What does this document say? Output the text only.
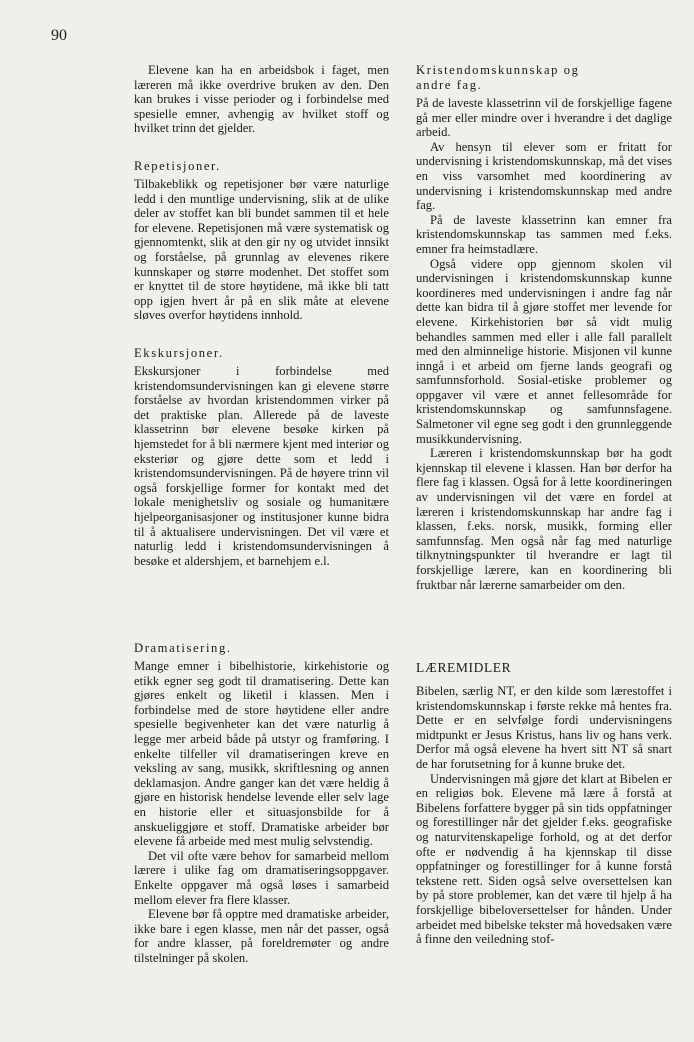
90

Elevene kan ha en arbeidsbok i faget, men læreren må ikke overdrive bruken av den. Den kan brukes i visse perioder og i forbindelse med spesielle emner, avhengig av hvilket stoff og hvilket trinn det gjelder.

Repetisjoner.

Tilbakeblikk og repetisjoner bør være naturlige ledd i den muntlige undervisning, slik at de ulike deler av stoffet kan bli bundet sammen til et hele for elevene. Repetisjonen må være systematisk og gjennomtenkt, slik at den gir ny og utvidet innsikt og forståelse, på grunnlag av elevenes rikere kunnskaper og større modenhet. Det stoffet som er knyttet til de store høytidene, må ikke bli tatt opp igjen hvert år på en slik måte at elevene sløves overfor høytidens innhold.

Ekskursjoner.

Ekskursjoner i forbindelse med kristendomsundervisningen kan gi elevene større forståelse av hvordan kristendommen virker på det praktiske plan. Allerede på de laveste klassetrinn bør elevene besøke kirken på hjemstedet for å bli nærmere kjent med interiør og eksteriør og gjøre dette som et ledd i kristendomsundervisningen. På de høyere trinn vil også forskjellige former for kontakt med det lokale menighetsliv og sosiale og humanitære hjelpeorganisasjoner og institusjoner kunne bidra til å aktualisere undervisningen. Det vil være et naturlig ledd i kristendomsundervisningen å besøke et aldershjem, et barnehjem e.l.

Dramatisering.

Mange emner i bibelhistorie, kirkehistorie og etikk egner seg godt til dramatisering. Dette kan gjøres enkelt og liketil i klassen. Men i forbindelse med de store høytidene eller andre spesielle begivenheter kan det være naturlig å legge mer arbeid både på utstyr og framføring. I enkelte tilfeller vil dramatiseringen kreve en veksling av sang, musikk, skriftlesning og annen deklamasjon. Andre ganger kan det være heldig å gjøre en historisk hendelse levende eller selv lage en historie eller et situasjonsbilde for å anskueliggjøre et stoff. Dramatiske arbeider bør elevene få arbeide med mest mulig selvstendig.

Det vil ofte være behov for samarbeid mellom lærere i ulike fag om dramatiseringsoppgaver. Enkelte oppgaver må også løses i samarbeid mellom elever fra flere klasser.

Elevene bør få opptre med dramatiske arbeider, ikke bare i egen klasse, men når det passer, også for andre klasser, på foreldremøter og andre tilstelninger på skolen.

Kristendomskunnskap og
andre fag.

På de laveste klassetrinn vil de forskjellige fagene gå mer eller mindre over i hverandre i det daglige arbeid.

Av hensyn til elever som er fritatt for undervisning i kristendomskunnskap, må det vises en viss varsomhet med koordinering av undervisning i kristendomskunnskap med andre fag.

På de laveste klassetrinn kan emner fra kristendomskunnskap tas sammen med f.eks. emner fra heimstadlære.

Også videre opp gjennom skolen vil undervisningen i kristendomskunnskap kunne koordineres med undervisningen i andre fag når dette kan bidra til å gjøre stoffet mer levende for elevene. Kirkehistorien bør så vidt mulig behandles sammen med eller i alle fall parallelt med den alminnelige historie. Misjonen vil kunne inngå i et arbeid om fjerne lands geografi og samfunnsforhold. Sosial-etiske problemer og oppgaver vil være et annet fellesområde for kristendomskunnskap og samfunnsfagene. Salmetoner vil egne seg godt i den grunnleggende musikkundervisning.

Læreren i kristendomskunnskap bør ha godt kjennskap til elevene i klassen. Han bør derfor ha flere fag i klassen. Også for å lette koordineringen av undervisningen vil det være en fordel at læreren i kristendomskunnskap har andre fag i klassen, f.eks. norsk, musikk, forming eller samfunnsfag. Men også når fag med naturlige tilknytningspunkter til hverandre er lagt til forskjellige lærere, kan en koordinering bli fruktbar når lærerne samarbeider om den.

LÆREMIDLER

Bibelen, særlig NT, er den kilde som lærestoffet i kristendomskunnskap i første rekke må hentes fra. Dette er en selvfølge fordi undervisningens midtpunkt er Jesus Kristus, hans liv og hans verk. Derfor må også elevene ha hvert sitt NT så snart de har forutsetning for å kunne bruke det.

Undervisningen må gjøre det klart at Bibelen er en religiøs bok. Elevene må lære å forstå at Bibelens forfattere bygger på sin tids oppfatninger og forestillinger når det gjelder f.eks. geografiske og naturvitenskapelige forhold, og at det derfor ofte er nødvendig å ha kjennskap til disse oppfatninger og forestillinger for å kunne forstå tekstene rett. Siden også selve oversettelsen kan by på store problemer, kan det være til hjelp å ha forskjellige bibeloversettelser for hånden. Under arbeidet med bibelske tekster må hovedsaken være å finne den veiledning stof-
